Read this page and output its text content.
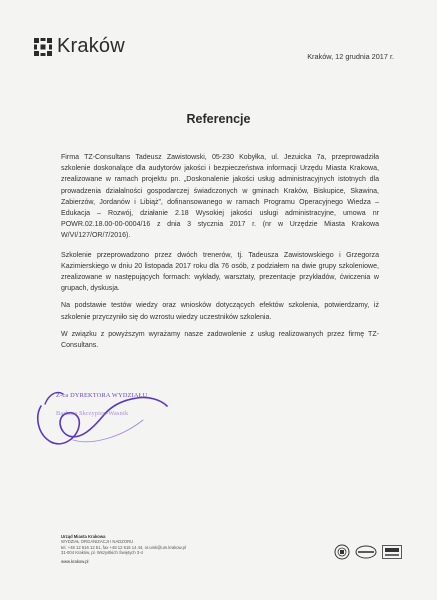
Kraków	Kraków, 12 grudnia 2017 r.
Referencje

Firma TZ-Consultans Tadeusz Zawistowski, 05-230 Kobyłka, ul. Jezuicka 7a, przeprowadziła szkolenie doskonalące dla audytorów jakości i bezpieczeństwa informacji Urzędu Miasta Krakowa, zrealizowane w ramach projektu pn. „Doskonalenie jakości usług administracyjnych istotnych dla prowadzenia działalności gospodarczej świadczonych w gminach Kraków, Biskupice, Skawina, Zabierzów, Jordanów i Libiąż”, dofinansowanego w ramach Programu Operacyjnego Wiedza – Edukacja – Rozwój, działanie 2.18 Wysokiej jakości usługi administracyjne, umowa nr POWR.02.18.00-00-0004/16 z dnia 3 stycznia 2017 r. (nr w Urzędzie Miasta Krakowa W/VI/127/OR/7/2016).

Szkolenie przeprowadzono przez dwóch trenerów, tj. Tadeusza Zawistowskiego i Grzegorza Kazimierskiego w dniu 20 listopada 2017 roku dla 76 osób, z podziałem na dwie grupy szkoleniowe, zrealizowane w następujących formach: wykłady, warsztaty, prezentacje przykładów, ćwiczenia w grupach, dyskusja.

Na podstawie testów wiedzy oraz wniosków dotyczących efektów szkolenia, potwierdzamy, iż szkolenie przyczyniło się do wzrostu wiedzy uczestników szkolenia.

W związku z powyższym wyrażamy nasze zadowolenie z usług realizowanych przez firmę TZ-Consultans.

Z-ca DYREKTORA WYDZIAŁU
Barbara Skrzypiec-Wasnik
Urząd Miasta Krakowa
WYDZIAŁ ORGANIZACJI I NADZORU
tel. +48 12 616 12 51, fax +48 12 616 14 44, or.umk@um.krakow.pl
31-004 Kraków, pl. Wszystkich Świętych 3-4
www.krakow.pl
